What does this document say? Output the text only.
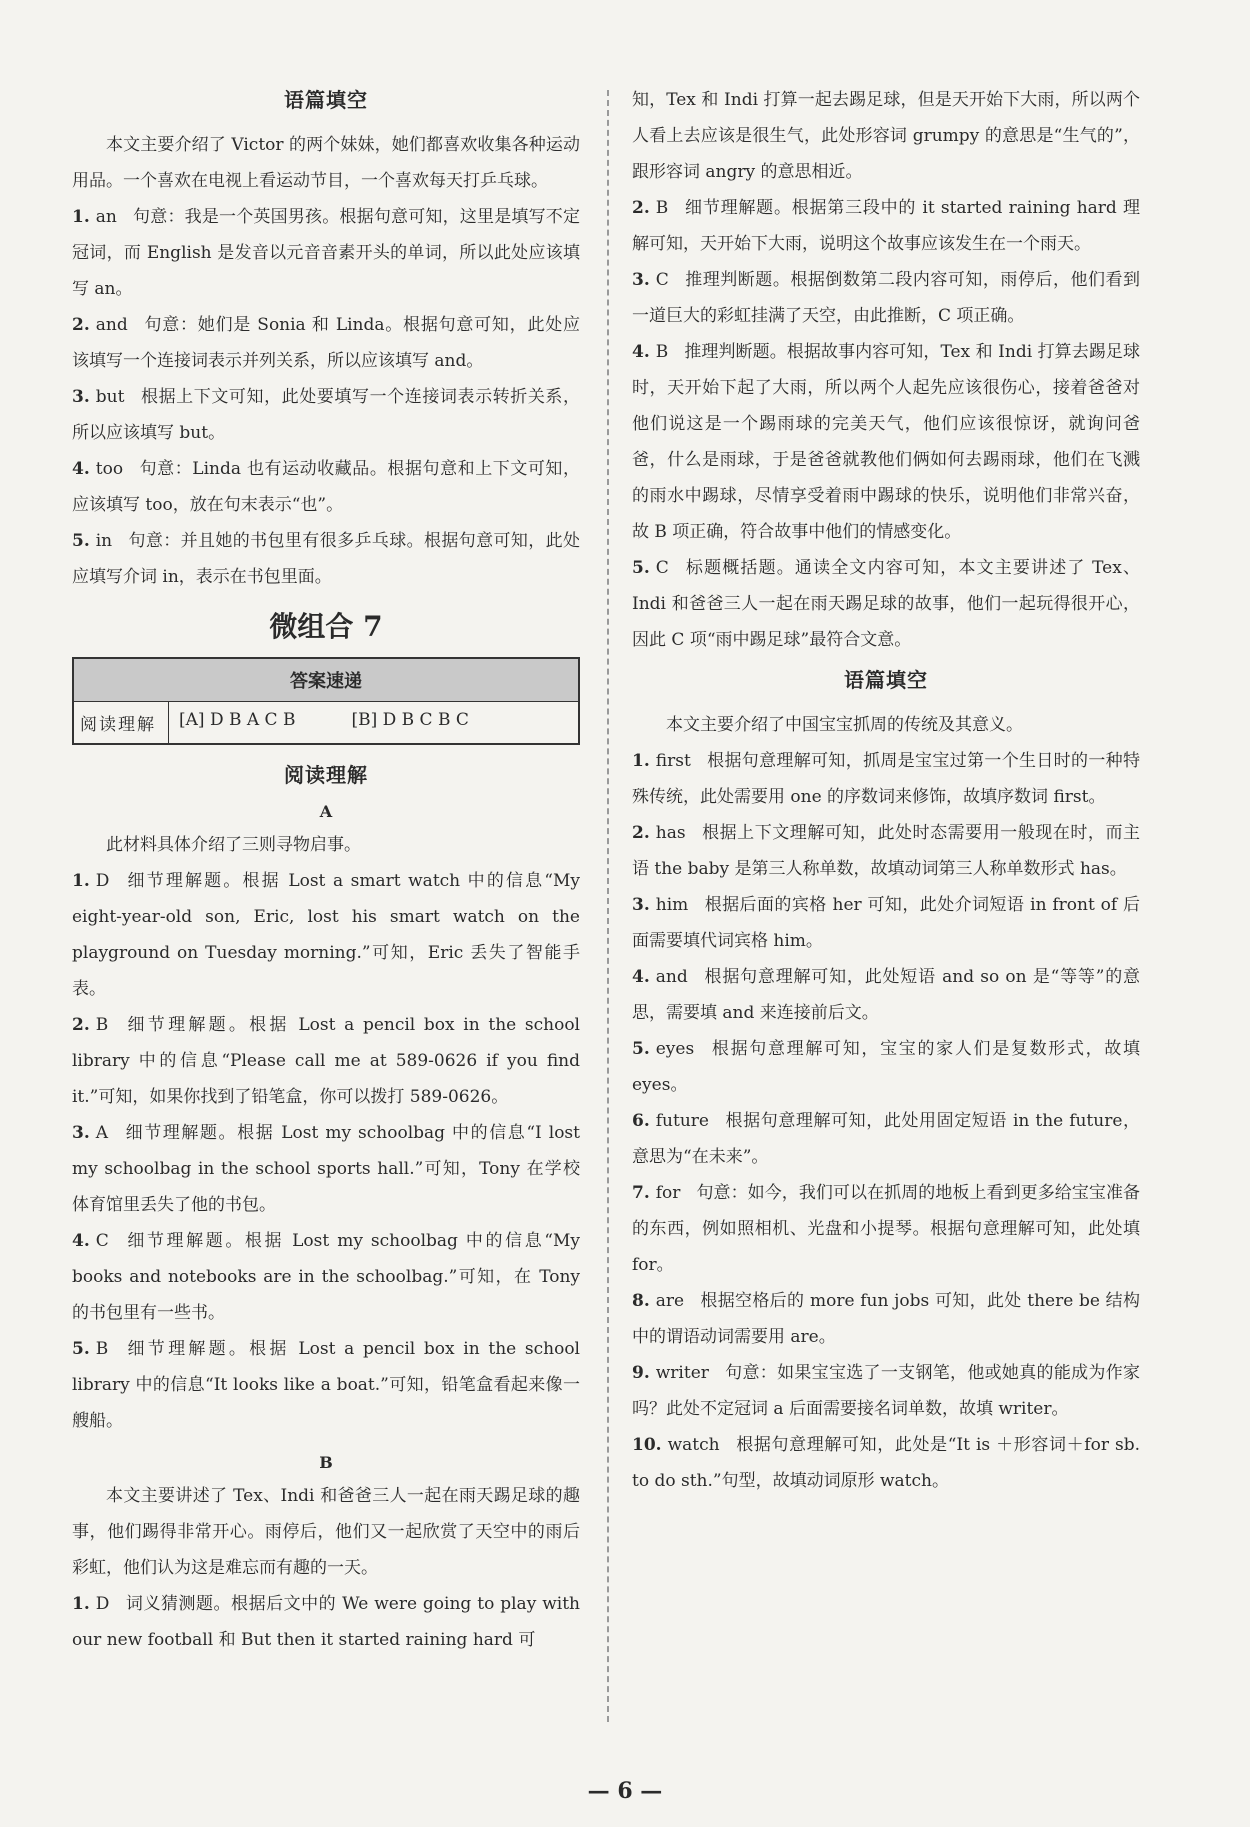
语篇填空

本文主要介绍了 Victor 的两个妹妹，她们都喜欢收集各种运动用品。一个喜欢在电视上看运动节目，一个喜欢每天打乒乓球。

1. an 句意：我是一个英国男孩。根据句意可知，这里是填写不定冠词，而 English 是发音以元音音素开头的单词，所以此处应该填写 an。

2. and 句意：她们是 Sonia 和 Linda。根据句意可知，此处应该填写一个连接词表示并列关系，所以应该填写 and。

3. but 根据上下文可知，此处要填写一个连接词表示转折关系，所以应该填写 but。

4. too 句意：Linda 也有运动收藏品。根据句意和上下文可知，应该填写 too，放在句末表示“也”。

5. in 句意：并且她的书包里有很多乒乓球。根据句意可知，此处应填写介词 in，表示在书包里面。

微组合 7
答案速递
阅读理解	[A] D B A C B	[B] D B C B C
阅读理解
A

此材料具体介绍了三则寻物启事。

1. D 细节理解题。根据 Lost a smart watch 中的信息“My eight-year-old son, Eric, lost his smart watch on the playground on Tuesday morning.”可知，Eric 丢失了智能手表。

2. B 细节理解题。根据 Lost a pencil box in the school library 中的信息“Please call me at 589-0626 if you find it.”可知，如果你找到了铅笔盒，你可以拨打 589-0626。

3. A 细节理解题。根据 Lost my schoolbag 中的信息“I lost my schoolbag in the school sports hall.”可知，Tony 在学校体育馆里丢失了他的书包。

4. C 细节理解题。根据 Lost my schoolbag 中的信息“My books and notebooks are in the schoolbag.”可知，在 Tony 的书包里有一些书。

5. B 细节理解题。根据 Lost a pencil box in the school library 中的信息“It looks like a boat.”可知，铅笔盒看起来像一艘船。

B

本文主要讲述了 Tex、Indi 和爸爸三人一起在雨天踢足球的趣事，他们踢得非常开心。雨停后，他们又一起欣赏了天空中的雨后彩虹，他们认为这是难忘而有趣的一天。

1. D 词义猜测题。根据后文中的 We were going to play with our new football 和 But then it started raining hard 可

知，Tex 和 Indi 打算一起去踢足球，但是天开始下大雨，所以两个人看上去应该是很生气，此处形容词 grumpy 的意思是“生气的”，跟形容词 angry 的意思相近。

2. B 细节理解题。根据第三段中的 it started raining hard 理解可知，天开始下大雨，说明这个故事应该发生在一个雨天。

3. C 推理判断题。根据倒数第二段内容可知，雨停后，他们看到一道巨大的彩虹挂满了天空，由此推断，C 项正确。

4. B 推理判断题。根据故事内容可知，Tex 和 Indi 打算去踢足球时，天开始下起了大雨，所以两个人起先应该很伤心，接着爸爸对他们说这是一个踢雨球的完美天气，他们应该很惊讶，就询问爸爸，什么是雨球，于是爸爸就教他们俩如何去踢雨球，他们在飞溅的雨水中踢球，尽情享受着雨中踢球的快乐，说明他们非常兴奋，故 B 项正确，符合故事中他们的情感变化。

5. C 标题概括题。通读全文内容可知，本文主要讲述了 Tex、Indi 和爸爸三人一起在雨天踢足球的故事，他们一起玩得很开心，因此 C 项“雨中踢足球”最符合文意。

语篇填空

本文主要介绍了中国宝宝抓周的传统及其意义。

1. first 根据句意理解可知，抓周是宝宝过第一个生日时的一种特殊传统，此处需要用 one 的序数词来修饰，故填序数词 first。

2. has 根据上下文理解可知，此处时态需要用一般现在时，而主语 the baby 是第三人称单数，故填动词第三人称单数形式 has。

3. him 根据后面的宾格 her 可知，此处介词短语 in front of 后面需要填代词宾格 him。

4. and 根据句意理解可知，此处短语 and so on 是“等等”的意思，需要填 and 来连接前后文。

5. eyes 根据句意理解可知，宝宝的家人们是复数形式，故填 eyes。

6. future 根据句意理解可知，此处用固定短语 in the future，意思为“在未来”。

7. for 句意：如今，我们可以在抓周的地板上看到更多给宝宝准备的东西，例如照相机、光盘和小提琴。根据句意理解可知，此处填 for。

8. are 根据空格后的 more fun jobs 可知，此处 there be 结构中的谓语动词需要用 are。

9. writer 句意：如果宝宝选了一支钢笔，他或她真的能成为作家吗？此处不定冠词 a 后面需要接名词单数，故填 writer。

10. watch 根据句意理解可知，此处是“It is ＋形容词＋for sb. to do sth.”句型，故填动词原形 watch。

— 6 —
